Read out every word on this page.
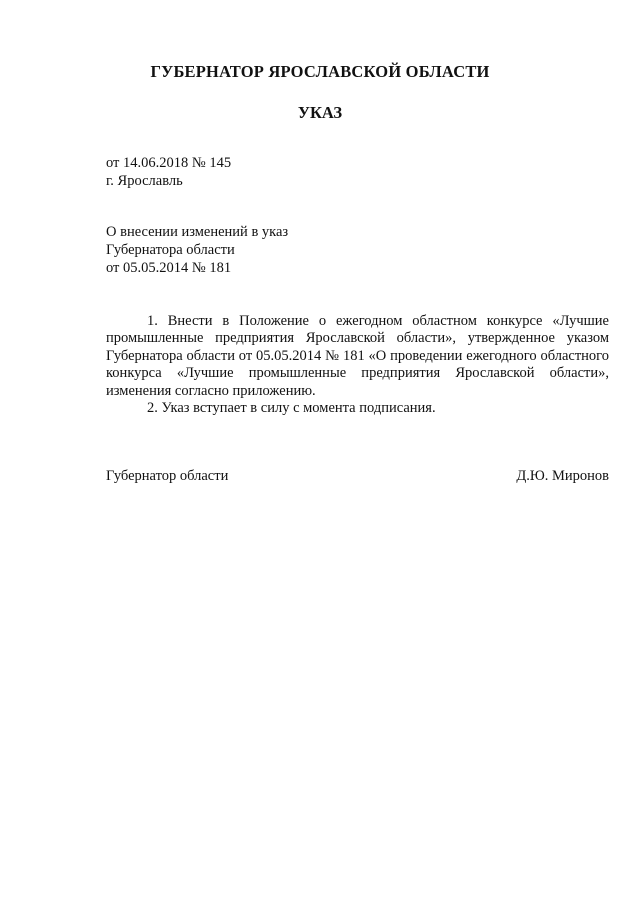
ГУБЕРНАТОР ЯРОСЛАВСКОЙ ОБЛАСТИ
УКАЗ
от 14.06.2018 № 145
г. Ярославль
О внесении изменений в указ
Губернатора области
от 05.05.2014 № 181

1. Внести в Положение о ежегодном областном конкурсе «Лучшие промышленные предприятия Ярославской области», утвержденное указом Губернатора области от 05.05.2014 № 181 «О проведении ежегодного областного конкурса «Лучшие промышленные предприятия Ярославской области», изменения согласно приложению.

2. Указ вступает в силу с момента подписания.

Губернатор области	Д.Ю. Миронов
